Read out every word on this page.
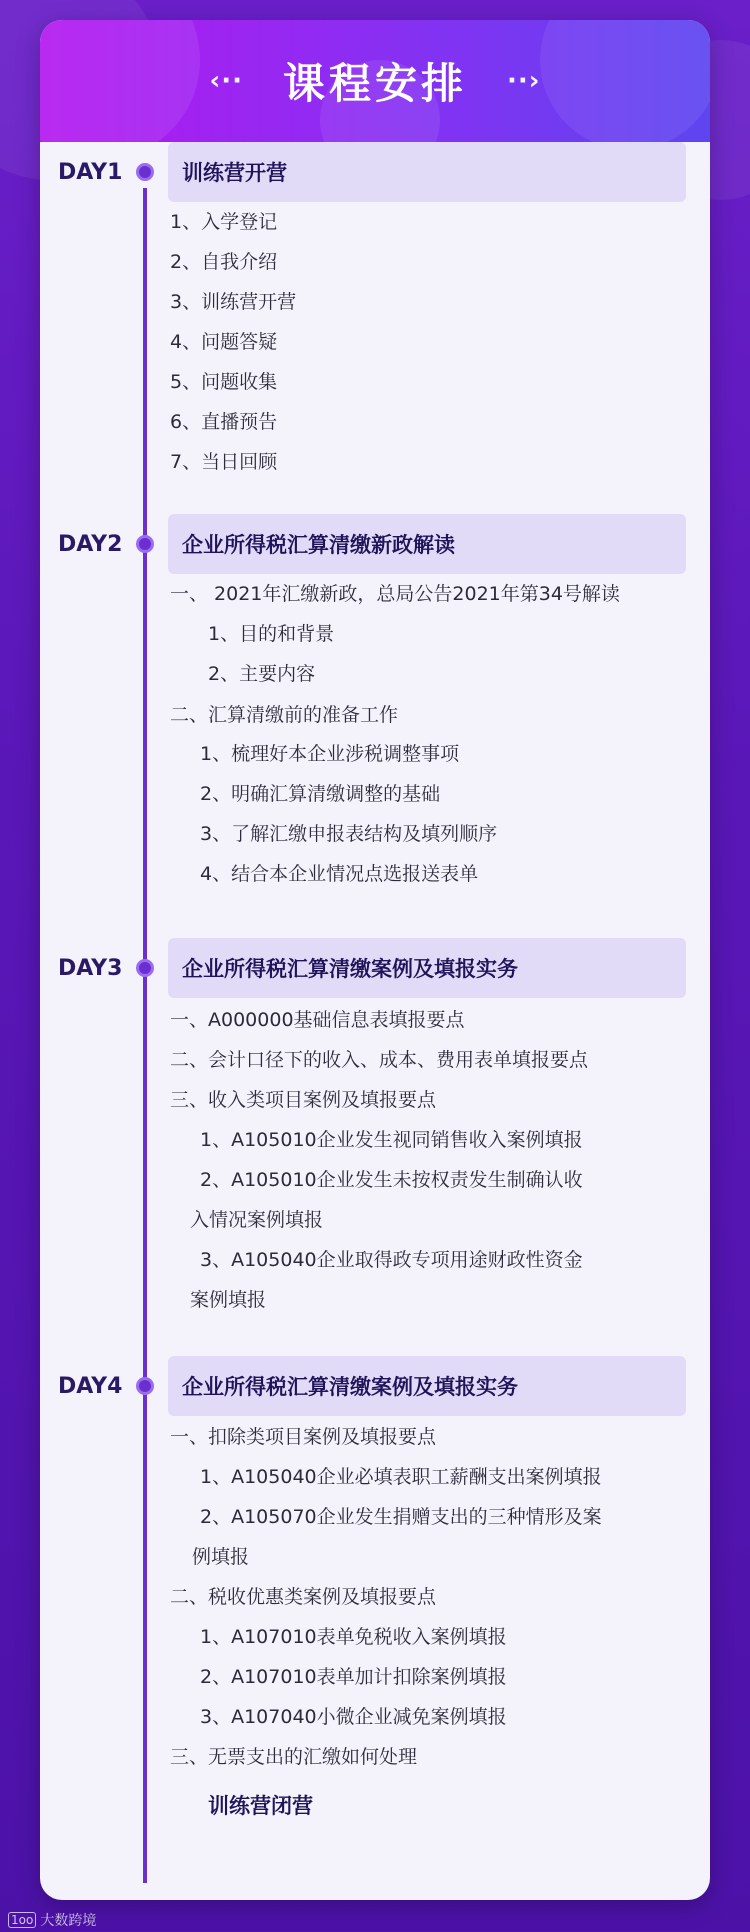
‹·· 课程安排 ··›
DAY1	训练营开营
1、入学登记
2、自我介绍
3、训练营开营
4、问题答疑
5、问题收集
6、直播预告
7、当日回顾
DAY2	企业所得税汇算清缴新政解读
一、 2021年汇缴新政，总局公告2021年第34号解读
1、目的和背景
2、主要内容
二、汇算清缴前的准备工作
1、梳理好本企业涉税调整事项
2、明确汇算清缴调整的基础
3、了解汇缴申报表结构及填列顺序
4、结合本企业情况点选报送表单
DAY3	企业所得税汇算清缴案例及填报实务
一、A000000基础信息表填报要点
二、会计口径下的收入、成本、费用表单填报要点
三、收入类项目案例及填报要点
1、A105010企业发生视同销售收入案例填报
2、A105010企业发生未按权责发生制确认收
入情况案例填报
3、A105040企业取得政专项用途财政性资金
案例填报
DAY4	企业所得税汇算清缴案例及填报实务
一、扣除类项目案例及填报要点
1、A105040企业必填表职工薪酬支出案例填报
2、A105070企业发生捐赠支出的三种情形及案
例填报
二、税收优惠类案例及填报要点
1、A107010表单免税收入案例填报
2、A107010表单加计扣除案例填报
3、A107040小微企业减免案例填报
三、无票支出的汇缴如何处理
训练营闭营
1oo 大数跨境
